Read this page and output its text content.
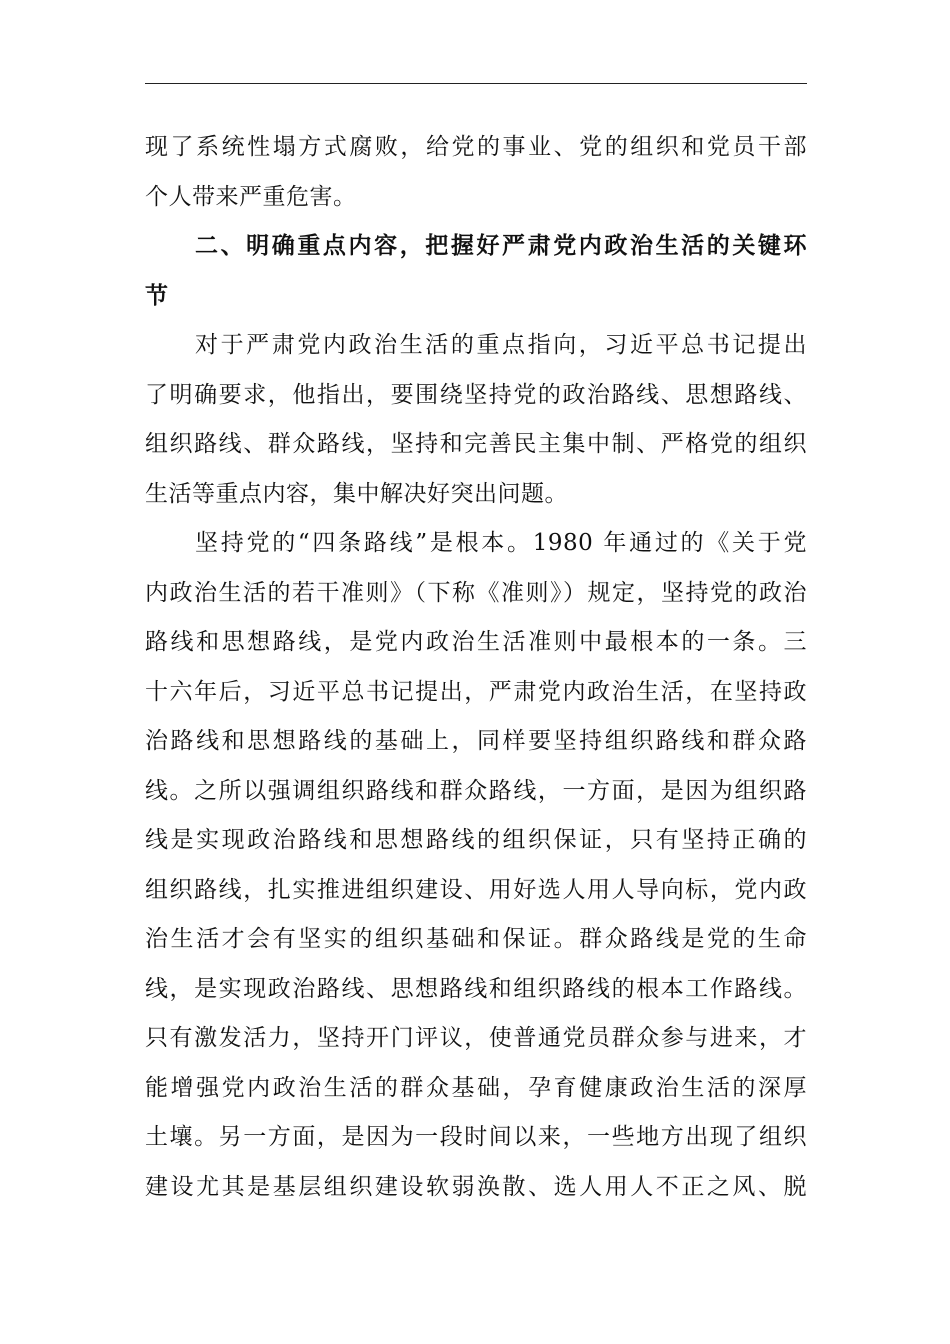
现了系统性塌方式腐败，给党的事业、党的组织和党员干部
个人带来严重危害。
二、明确重点内容，把握好严肃党内政治生活的关键环
节
对于严肃党内政治生活的重点指向，习近平总书记提出
了明确要求，他指出，要围绕坚持党的政治路线、思想路线、
组织路线、群众路线，坚持和完善民主集中制、严格党的组织
生活等重点内容，集中解决好突出问题。
坚持党的“四条路线”是根本。1980 年通过的《关于党
内政治生活的若干准则》（下称《准则》）规定，坚持党的政治
路线和思想路线，是党内政治生活准则中最根本的一条。三
十六年后，习近平总书记提出，严肃党内政治生活，在坚持政
治路线和思想路线的基础上，同样要坚持组织路线和群众路
线。之所以强调组织路线和群众路线，一方面，是因为组织路
线是实现政治路线和思想路线的组织保证，只有坚持正确的
组织路线，扎实推进组织建设、用好选人用人导向标，党内政
治生活才会有坚实的组织基础和保证。群众路线是党的生命
线，是实现政治路线、思想路线和组织路线的根本工作路线。
只有激发活力，坚持开门评议，使普通党员群众参与进来，才
能增强党内政治生活的群众基础，孕育健康政治生活的深厚
土壤。另一方面，是因为一段时间以来，一些地方出现了组织
建设尤其是基层组织建设软弱涣散、选人用人不正之风、脱
